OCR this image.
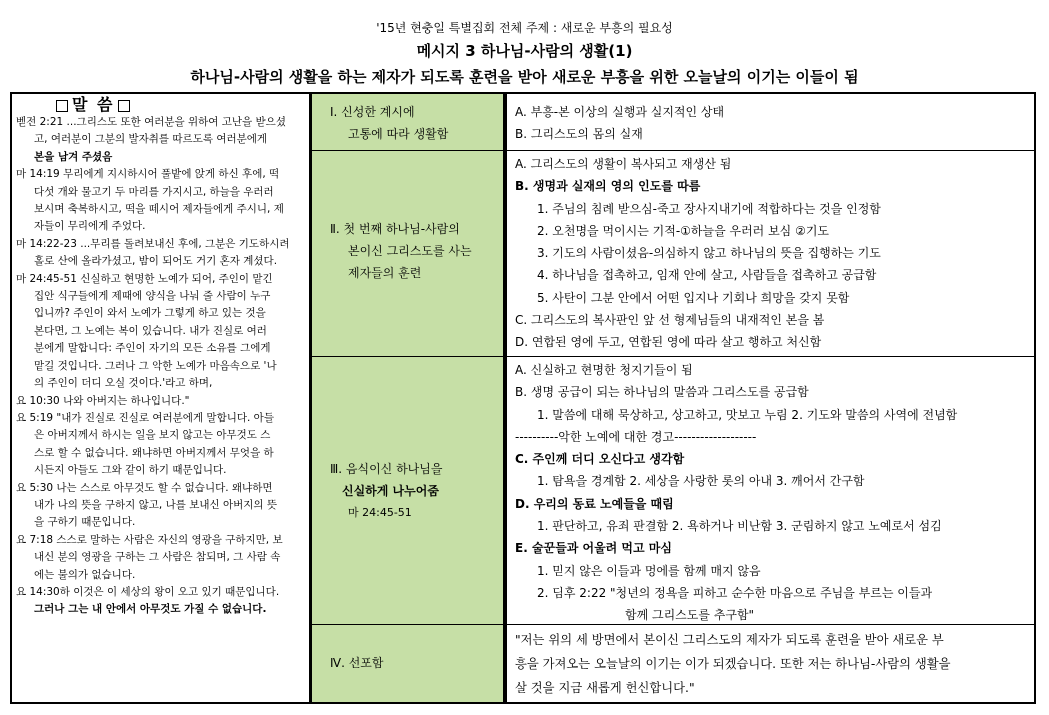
'15년 현충일 특별집회 전체 주제 : 새로운 부흥의 필요성
메시지 3 하나님-사람의 생활(1)
하나님-사람의 생활을 하는 제자가 되도록 훈련을 받아 새로운 부흥을 위한 오늘날의 이기는 이들이 됨
말 씀
벧전 2:21 ...그리스도 또한 여러분을 위하여 고난을 받으셨
고, 여러분이 그분의 발자취를 따르도록 여러분에게
본을 남겨 주셨음
마 14:19 무리에게 지시하시어 풀밭에 앉게 하신 후에, 떡
다섯 개와 물고기 두 마리를 가지시고, 하늘을 우러러
보시며 축복하시고, 떡을 떼시어 제자들에게 주시니, 제
자들이 무리에게 주었다.
마 14:22-23 ...무리를 돌려보내신 후에, 그분은 기도하시려
홀로 산에 올라가셨고, 밤이 되어도 거기 혼자 계셨다.
마 24:45-51 신실하고 현명한 노예가 되어, 주인이 맡긴
집안 식구들에게 제때에 양식을 나눠 줄 사람이 누구
입니까? 주인이 와서 노예가 그렇게 하고 있는 것을
본다면, 그 노예는 복이 있습니다. 내가 진실로 여러
분에게 말합니다: 주인이 자기의 모든 소유를 그에게
맡길 것입니다. 그러나 그 악한 노예가 마음속으로 '나
의 주인이 더디 오실 것이다.'라고 하며,
요 10:30 나와 아버지는 하나입니다."
요 5:19 "내가 진실로 진실로 여러분에게 말합니다. 아들
은 아버지께서 하시는 일을 보지 않고는 아무것도 스
스로 할 수 없습니다. 왜냐하면 아버지께서 무엇을 하
시든지 아들도 그와 같이 하기 때문입니다.
요 5:30 나는 스스로 아무것도 할 수 없습니다. 왜냐하면
내가 나의 뜻을 구하지 않고, 나를 보내신 아버지의 뜻
을 구하기 때문입니다.
요 7:18 스스로 말하는 사람은 자신의 영광을 구하지만, 보
내신 분의 영광을 구하는 그 사람은 참되며, 그 사람 속
에는 불의가 없습니다.
요 14:30하 이것은 이 세상의 왕이 오고 있기 때문입니다.
그러나 그는 내 안에서 아무것도 가질 수 없습니다.
Ⅰ. 신성한 계시에
고통에 따라 생활함
A. 부흥-본 이상의 실행과 실지적인 상태
B. 그리스도의 몸의 실재
Ⅱ. 첫 번째 하나님-사람의
본이신 그리스도를 사는
제자들의 훈련
A. 그리스도의 생활이 복사되고 재생산 됨
B. 생명과 실재의 영의 인도를 따름
1. 주님의 침례 받으심-죽고 장사지내기에 적합하다는 것을 인정함
2. 오천명을 먹이시는 기적-①하늘을 우러러 보심 ②기도
3. 기도의 사람이셨음-의심하지 않고 하나님의 뜻을 집행하는 기도
4. 하나님을 접촉하고, 임재 안에 살고, 사람들을 접촉하고 공급함
5. 사탄이 그분 안에서 어떤 입지나 기회나 희망을 갖지 못함
C. 그리스도의 복사판인 앞 선 형제님들의 내재적인 본을 봄
D. 연합된 영에 두고, 연합된 영에 따라 살고 행하고 처신함
Ⅲ. 음식이신 하나님을
신실하게 나누어줌
마 24:45-51
A. 신실하고 현명한 청지기들이 됨
B. 생명 공급이 되는 하나님의 말씀과 그리스도를 공급함
1. 말씀에 대해 묵상하고, 상고하고, 맛보고 누림 2. 기도와 말씀의 사역에 전념함
----------악한 노예에 대한 경고-------------------
C. 주인께 더디 오신다고 생각함
1. 탐욕을 경계함 2. 세상을 사랑한 롯의 아내 3. 깨어서 간구함
D. 우리의 동료 노예들을 때림
1. 판단하고, 유죄 판결함 2. 욕하거나 비난함 3. 군림하지 않고 노예로서 섬김
E. 술꾼들과 어울려 먹고 마심
1. 믿지 않은 이들과 멍에를 함께 매지 않음
2. 딤후 2:22 "청년의 정욕을 피하고 순수한 마음으로 주님을 부르는 이들과
함께 그리스도를 추구함"
Ⅳ. 선포함
"저는 위의 세 방면에서 본이신 그리스도의 제자가 되도록 훈련을 받아 새로운 부
흥을 가져오는 오늘날의 이기는 이가 되겠습니다. 또한 저는 하나님-사람의 생활을
살 것을 지금 새롭게 헌신합니다."
